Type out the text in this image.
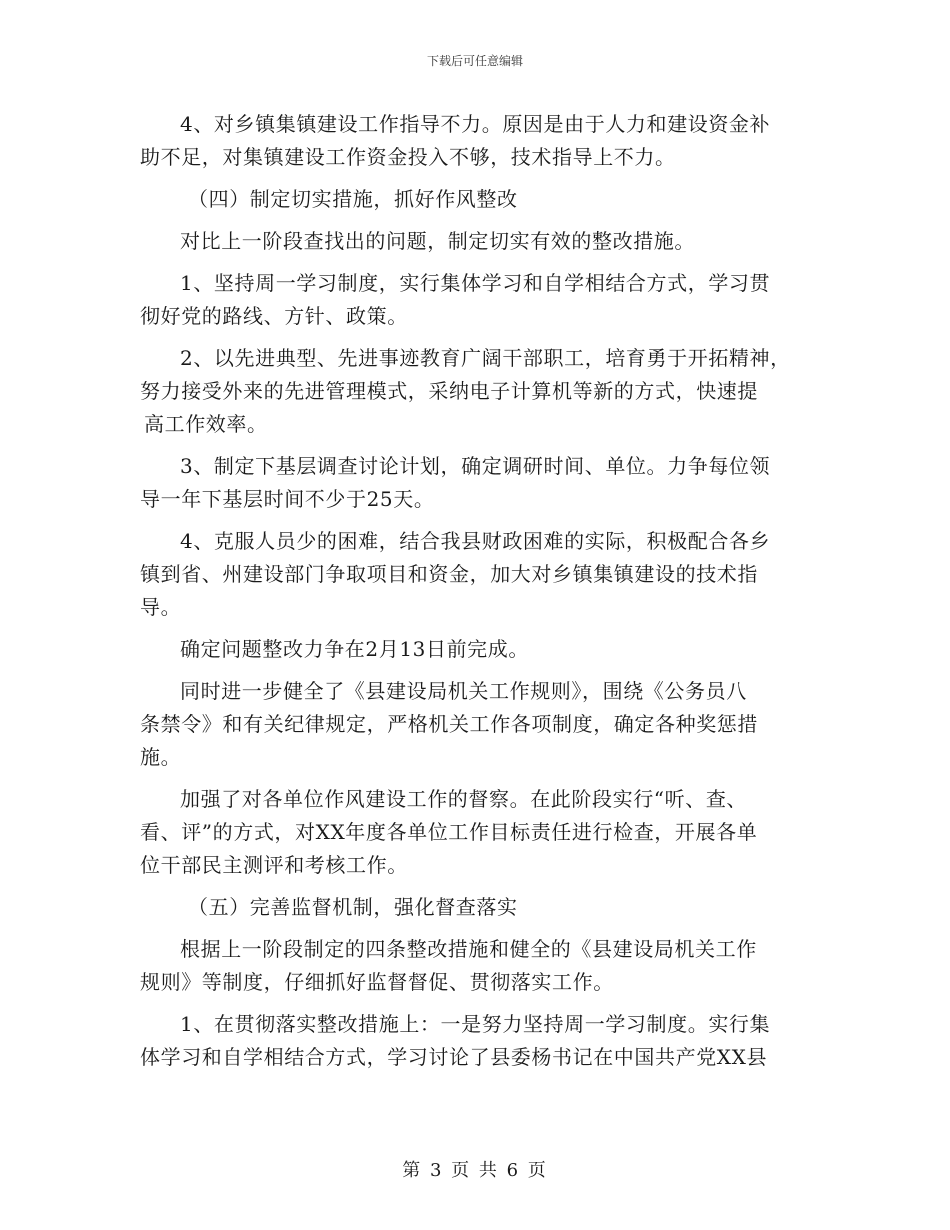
下载后可任意编辑
4、对乡镇集镇建设工作指导不力。原因是由于人力和建设资金补
助不足，对集镇建设工作资金投入不够，技术指导上不力。
（四）制定切实措施，抓好作风整改
对比上一阶段查找出的问题，制定切实有效的整改措施。
1、坚持周一学习制度，实行集体学习和自学相结合方式，学习贯
彻好党的路线、方针、政策。
2、以先进典型、先进事迹教育广阔干部职工，培育勇于开拓精神，
努力接受外来的先进管理模式，采纳电子计算机等新的方式，快速提
高工作效率。
3、制定下基层调查讨论计划，确定调研时间、单位。力争每位领
导一年下基层时间不少于25天。
4、克服人员少的困难，结合我县财政困难的实际，积极配合各乡
镇到省、州建设部门争取项目和资金，加大对乡镇集镇建设的技术指
导。
确定问题整改力争在2月13日前完成。
同时进一步健全了《县建设局机关工作规则》，围绕《公务员八
条禁令》和有关纪律规定，严格机关工作各项制度，确定各种奖惩措
施。
加强了对各单位作风建设工作的督察。在此阶段实行“听、查、
看、评”的方式，对XX年度各单位工作目标责任进行检查，开展各单
位干部民主测评和考核工作。
（五）完善监督机制，强化督查落实
根据上一阶段制定的四条整改措施和健全的《县建设局机关工作
规则》等制度，仔细抓好监督督促、贯彻落实工作。
1、在贯彻落实整改措施上：一是努力坚持周一学习制度。实行集
体学习和自学相结合方式，学习讨论了县委杨书记在中国共产党XX县
第 3 页 共 6 页
